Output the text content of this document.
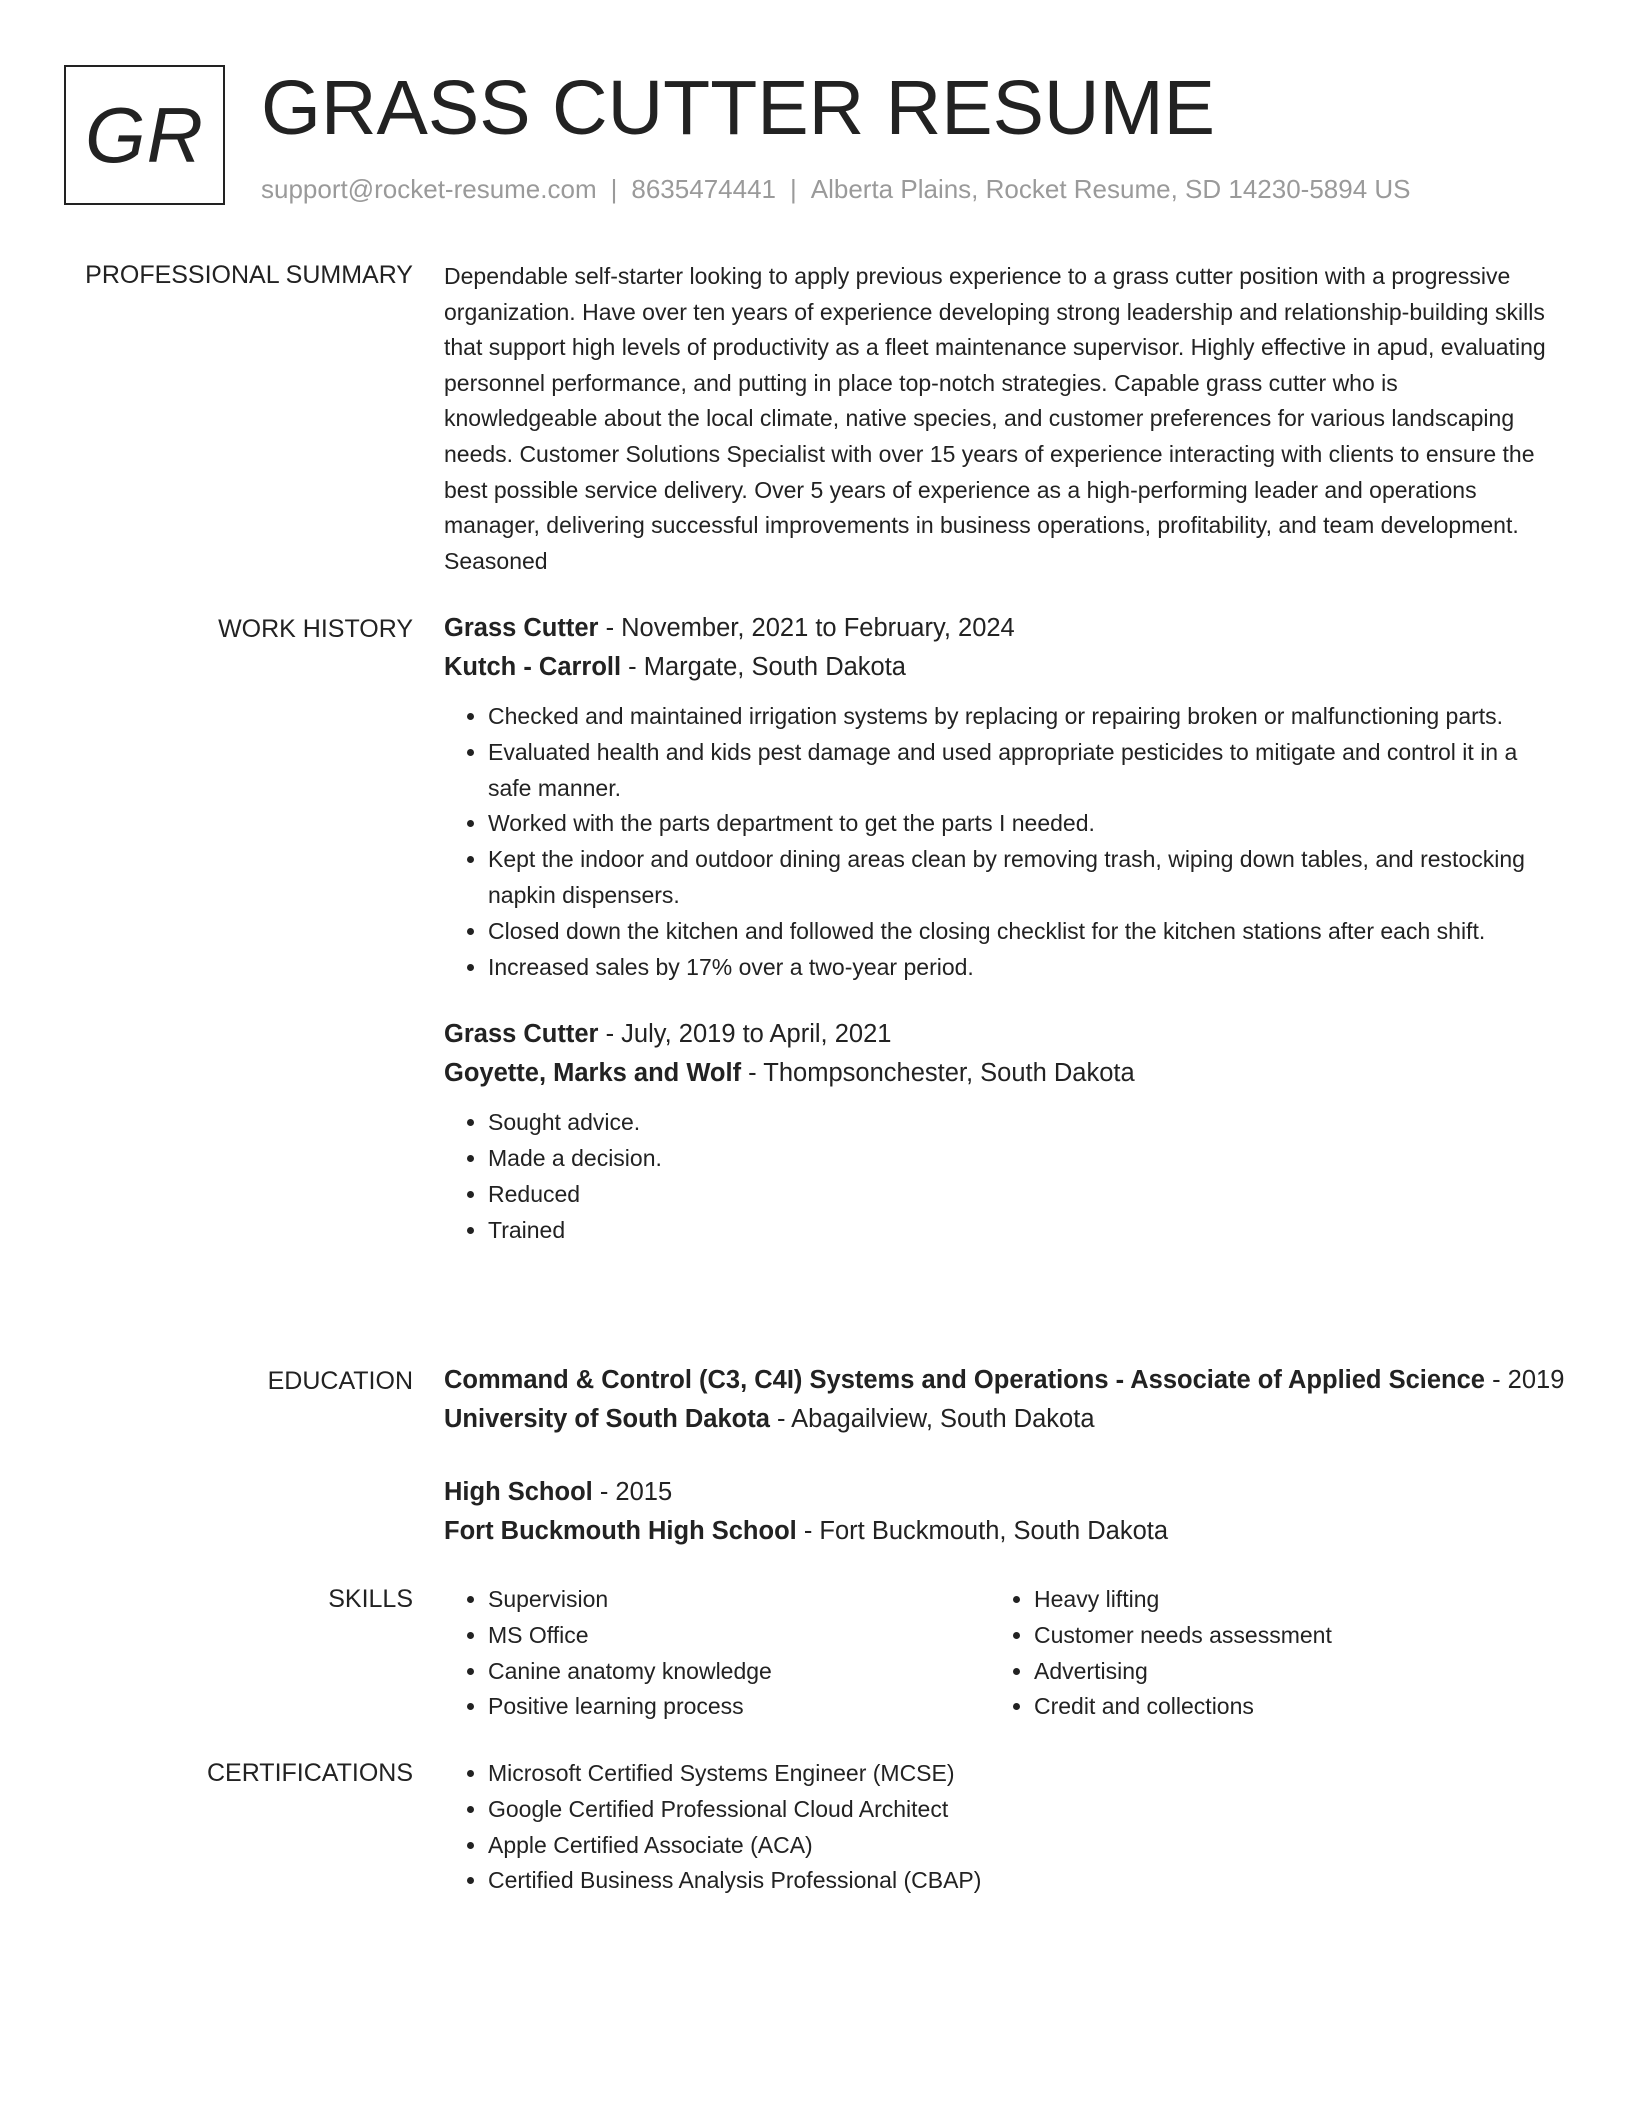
GR GRASS CUTTER RESUME
support@rocket-resume.com | 8635474441 | Alberta Plains, Rocket Resume, SD 14230-5894 US
PROFESSIONAL SUMMARY Dependable self-starter looking to apply previous experience to a grass cutter position with a progressive organization. Have over ten years of experience developing strong leadership and relationship-building skills that support high levels of productivity as a fleet maintenance supervisor. Highly effective in apud, evaluating personnel performance, and putting in place top-notch strategies. Capable grass cutter who is knowledgeable about the local climate, native species, and customer preferences for various landscaping needs. Customer Solutions Specialist with over 15 years of experience interacting with clients to ensure the best possible service delivery. Over 5 years of experience as a high-performing leader and operations manager, delivering successful improvements in business operations, profitability, and team development. Seasoned

WORK HISTORY Grass Cutter - November, 2021 to February, 2024
Kutch - Carroll - Margate, South Dakota
• Checked and maintained irrigation systems by replacing or repairing broken or malfunctioning parts.
• Evaluated health and kids pest damage and used appropriate pesticides to mitigate and control it in a safe manner.
• Worked with the parts department to get the parts I needed.
• Kept the indoor and outdoor dining areas clean by removing trash, wiping down tables, and restocking napkin dispensers.
• Closed down the kitchen and followed the closing checklist for the kitchen stations after each shift.
• Increased sales by 17% over a two-year period.
Grass Cutter - July, 2019 to April, 2021
Goyette, Marks and Wolf - Thompsonchester, South Dakota
• Sought advice.
• Made a decision.
• Reduced
• Trained
EDUCATION Command & Control (C3, C4I) Systems and Operations - Associate of Applied Science - 2019
University of South Dakota - Abagailview, South Dakota
High School - 2015
Fort Buckmouth High School - Fort Buckmouth, South Dakota
SKILLS	• Supervision
• MS Office
• Canine anatomy knowledge
• Positive learning process
• Heavy lifting
• Customer needs assessment
• Advertising
• Credit and collections
CERTIFICATIONS	• Microsoft Certified Systems Engineer (MCSE)
• Google Certified Professional Cloud Architect
• Apple Certified Associate (ACA)
• Certified Business Analysis Professional (CBAP)
